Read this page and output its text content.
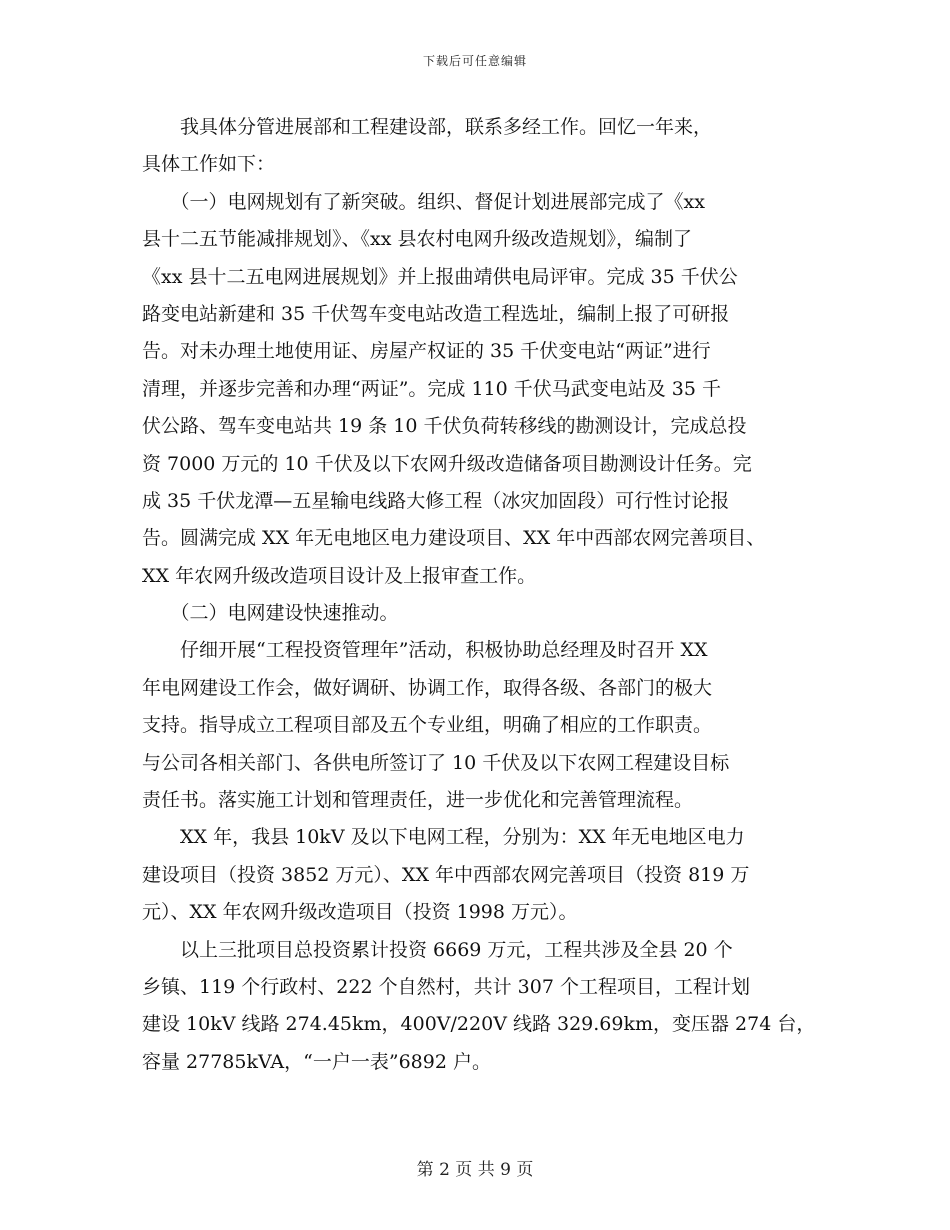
下载后可任意编辑
　　我具体分管进展部和工程建设部，联系多经工作。回忆一年来，
具体工作如下：
　　（一）电网规划有了新突破。组织、督促计划进展部完成了《xx
县十二五节能减排规划》、《xx 县农村电网升级改造规划》，编制了
《xx 县十二五电网进展规划》并上报曲靖供电局评审。完成 35 千伏公
路变电站新建和 35 千伏驾车变电站改造工程选址，编制上报了可研报
告。对未办理土地使用证、房屋产权证的 35 千伏变电站“两证”进行
清理，并逐步完善和办理“两证”。完成 110 千伏马武变电站及 35 千
伏公路、驾车变电站共 19 条 10 千伏负荷转移线的勘测设计，完成总投
资 7000 万元的 10 千伏及以下农网升级改造储备项目勘测设计任务。完
成 35 千伏龙潭—五星输电线路大修工程（冰灾加固段）可行性讨论报
告。圆满完成 XX 年无电地区电力建设项目、XX 年中西部农网完善项目、
XX 年农网升级改造项目设计及上报审查工作。
　　（二）电网建设快速推动。
　　仔细开展“工程投资管理年”活动，积极协助总经理及时召开 XX
年电网建设工作会，做好调研、协调工作，取得各级、各部门的极大
支持。指导成立工程项目部及五个专业组，明确了相应的工作职责。
与公司各相关部门、各供电所签订了 10 千伏及以下农网工程建设目标
责任书。落实施工计划和管理责任，进一步优化和完善管理流程。
　　XX 年，我县 10kV 及以下电网工程，分别为：XX 年无电地区电力
建设项目（投资 3852 万元）、XX 年中西部农网完善项目（投资 819 万
元）、XX 年农网升级改造项目（投资 1998 万元）。
　　以上三批项目总投资累计投资 6669 万元，工程共涉及全县 20 个
乡镇、119 个行政村、222 个自然村，共计 307 个工程项目，工程计划
建设 10kV 线路 274.45km，400V/220V 线路 329.69km，变压器 274 台，
容量 27785kVA，“一户一表”6892 户。
第 2 页 共 9 页
